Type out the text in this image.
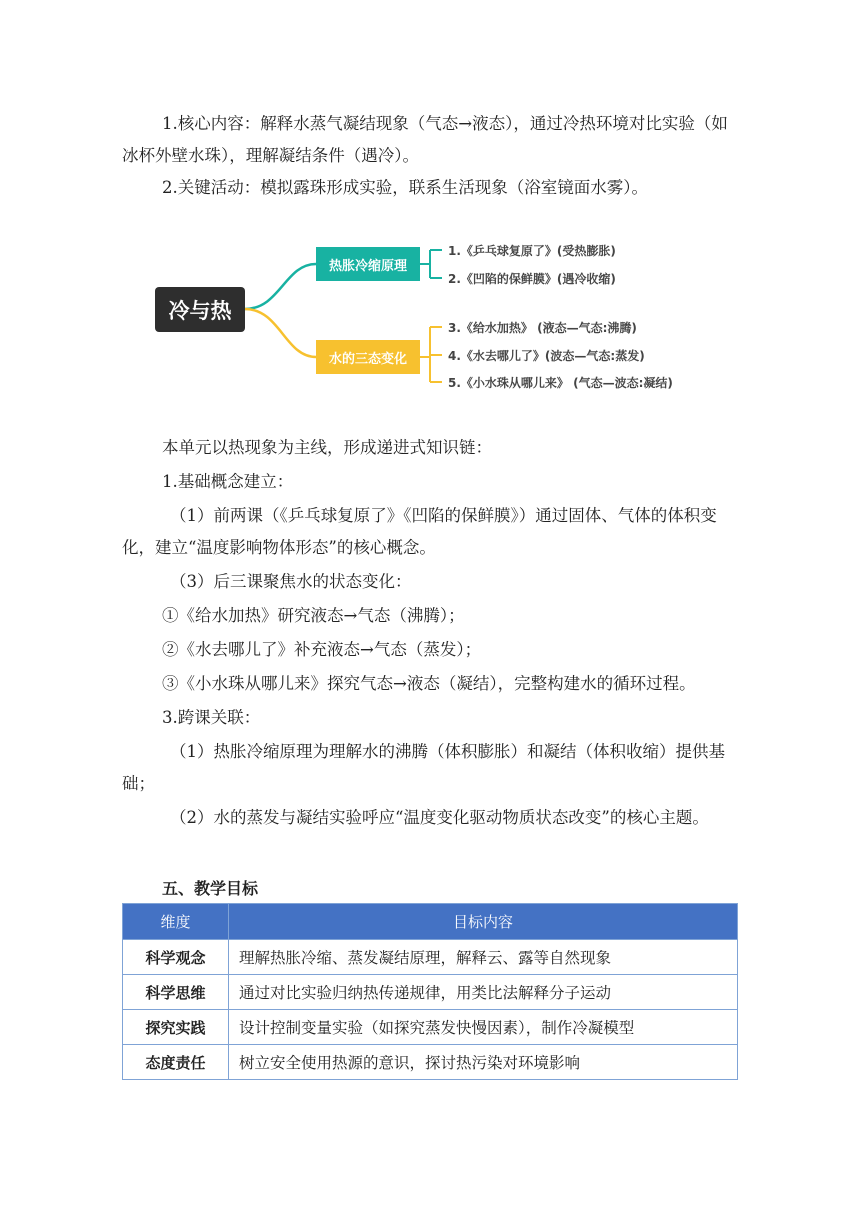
1.核心内容：解释水蒸气凝结现象（气态→液态），通过冷热环境对比实验（如冰杯外壁水珠），理解凝结条件（遇冷）。

2.关键活动：模拟露珠形成实验，联系生活现象（浴室镜面水雾）。

冷与热
热胀冷缩原理
水的三态变化
1.《乒乓球复原了》(受热膨胀)
2.《凹陷的保鲜膜》(遇冷收缩)
3.《给水加热》 (液态—气态:沸腾)
4.《水去哪儿了》(波态—气态:蒸发)
5.《小水珠从哪儿来》 (气态—波态:凝结)

本单元以热现象为主线，形成递进式知识链：

1.基础概念建立：

（1）前两课（《乒乓球复原了》《凹陷的保鲜膜》）通过固体、气体的体积变化，建立“温度影响物体形态”的核心概念。

（3）后三课聚焦水的状态变化：

①《给水加热》研究液态→气态（沸腾）；

②《水去哪儿了》补充液态→气态（蒸发）；

③《小水珠从哪儿来》探究气态→液态（凝结），完整构建水的循环过程。

3.跨课关联：

（1）热胀冷缩原理为理解水的沸腾（体积膨胀）和凝结（体积收缩）提供基础；

（2）水的蒸发与凝结实验呼应“温度变化驱动物质状态改变”的核心主题。

五、教学目标
维度	目标内容
科学观念	理解热胀冷缩、蒸发凝结原理，解释云、露等自然现象
科学思维	通过对比实验归纳热传递规律，用类比法解释分子运动
探究实践	设计控制变量实验（如探究蒸发快慢因素），制作冷凝模型
态度责任	树立安全使用热源的意识，探讨热污染对环境影响
